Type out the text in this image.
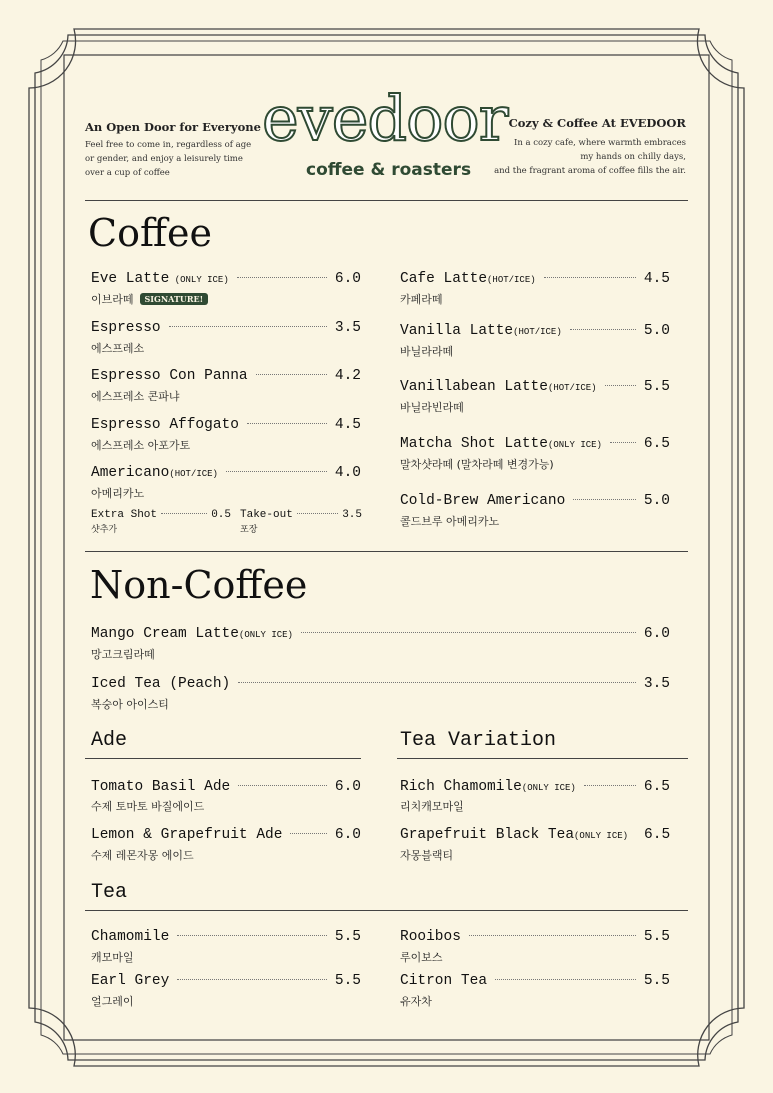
An Open Door for Everyone
Feel free to come in, regardless of age
or gender, and enjoy a leisurely time
over a cup of coffee
evedoor
coffee & roasters
Cozy & Coffee At EVEDOOR
In a cozy cafe, where warmth embraces
my hands on chilly days,
and the fragrant aroma of coffee fills the air.
Coffee
Eve Latte (ONLY ICE)	6.0
이브라떼 SIGNATURE!
Espresso	3.5
에스프레소
Espresso Con Panna	4.2
에스프레소 콘파냐
Espresso Affogato	4.5
에스프레소 아포가토
Americano(HOT/ICE)	4.0
아메리카노
Extra Shot	0.5
샷추가
Take-out	3.5
포장
Cafe Latte(HOT/ICE)	4.5
카페라떼
Vanilla Latte(HOT/ICE)	5.0
바닐라라떼
Vanillabean Latte(HOT/ICE)	5.5
바닐라빈라떼
Matcha Shot Latte(ONLY ICE)	6.5
말차샷라떼 (말차라떼 변경가능)
Cold-Brew Americano	5.0
콜드브루 아메리카노
Non-Coffee
Mango Cream Latte(ONLY ICE)	6.0
망고크림라떼
Iced Tea (Peach)	3.5
복숭아 아이스티
Ade
Tomato Basil Ade	6.0
수제 토마토 바질에이드
Lemon & Grapefruit Ade	6.0
수제 레몬자몽 에이드
Tea Variation
Rich Chamomile(ONLY ICE)	6.5
리치캐모마일
Grapefruit Black Tea(ONLY ICE) 6.5
자몽블랙티
Tea
Chamomile	5.5
캐모마일
Earl Grey	5.5
얼그레이
Rooibos	5.5
루이보스
Citron Tea	5.5
유자차
